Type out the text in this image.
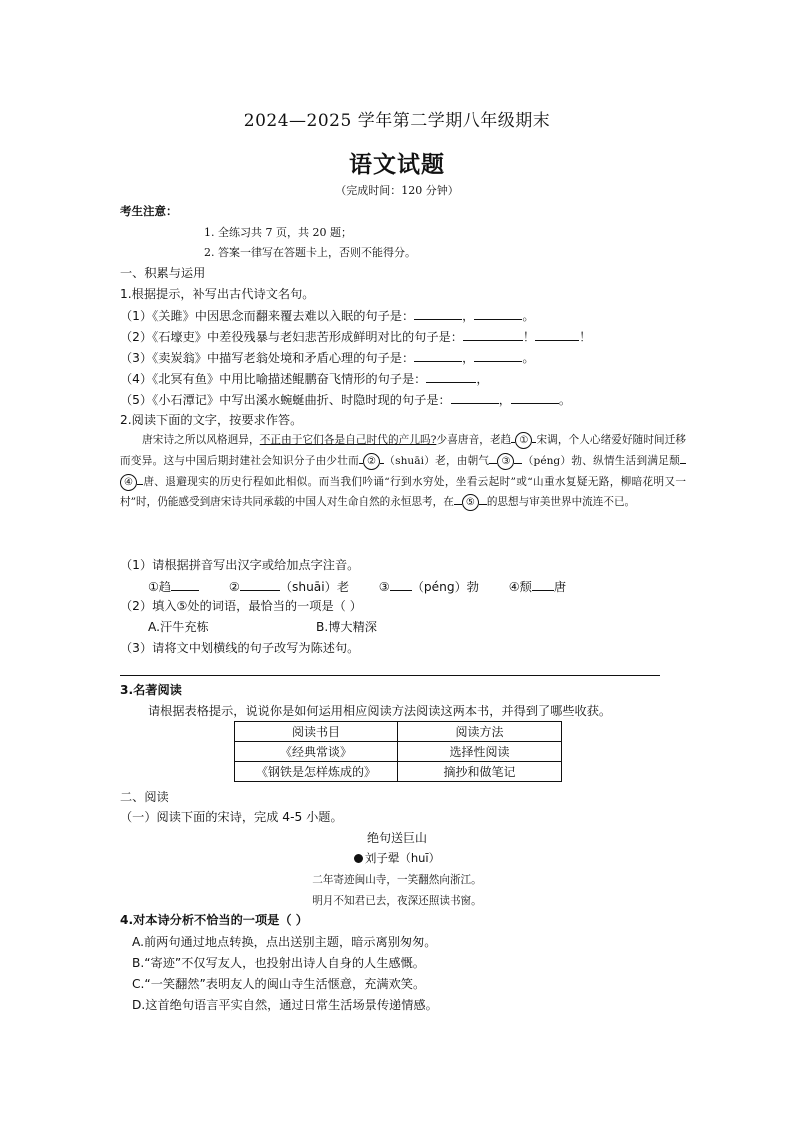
2024—2025 学年第二学期八年级期末
语文试题
（完成时间：120 分钟）
考生注意：
1. 全练习共 7 页，共 20 题；
2. 答案一律写在答题卡上，否则不能得分。
一、积累与运用
1.根据提示，补写出古代诗文名句。
（1）《关雎》中因思念而翻来覆去难以入眠的句子是：	，	。
（2）《石壕吏》中差役残暴与老妇悲苦形成鲜明对比的句子是：	！	！
（3）《卖炭翁》中描写老翁处境和矛盾心理的句子是：	，	。
（4）《北冥有鱼》中用比喻描述鲲鹏奋飞情形的句子是：	，
（5）《小石潭记》中写出溪水蜿蜒曲折、时隐时现的句子是：	，	。
2.阅读下面的文字，按要求作答。
唐宋诗之所以风格迥异，不正由于它们各是自己时代的产儿吗?少喜唐音，老趋 ① 宋调，个人心绪爱好随时间迁移而变异。这与中国后期封建社会知识分子由少壮而 ② （shuāi）老，由朝气 ③ （péng）勃、纵情生活到满足颓④ 唐、退避现实的历史行程如此相似。而当我们吟诵“行到水穷处，坐看云起时”或“山重水复疑无路，柳暗花明又一村”时，仍能感受到唐宋诗共同承载的中国人对生命自然的永恒思考，在 ⑤ 的思想与审美世界中流连不已。
（1）请根据拼音写出汉字或给加点字注音。
①趋	②	（shuāi）老 ③ （péng）勃 ④颓 唐
（2）填入⑤处的词语，最恰当的一项是（ ）
A.汗牛充栋	B.博大精深
（3）请将文中划横线的句子改写为陈述句。
3.名著阅读
请根据表格提示，说说你是如何运用相应阅读方法阅读这两本书，并得到了哪些收获。
阅读书目	阅读方法
《经典常谈》	选择性阅读
《钢铁是怎样炼成的》	摘抄和做笔记
二、阅读
（一）阅读下面的宋诗，完成 4-5 小题。
绝句送巨山
刘子翚（huī）
二年寄迹闽山寺，一笑翻然向浙江。
明月不知君已去，夜深还照读书窗。
4.对本诗分析不恰当的一项是（ ）
A.前两句通过地点转换，点出送别主题，暗示离别匆匆。
B.“寄迹”不仅写友人，也投射出诗人自身的人生感慨。
C.“一笑翻然”表明友人的闽山寺生活惬意，充满欢笑。
D.这首绝句语言平实自然，通过日常生活场景传递情感。
